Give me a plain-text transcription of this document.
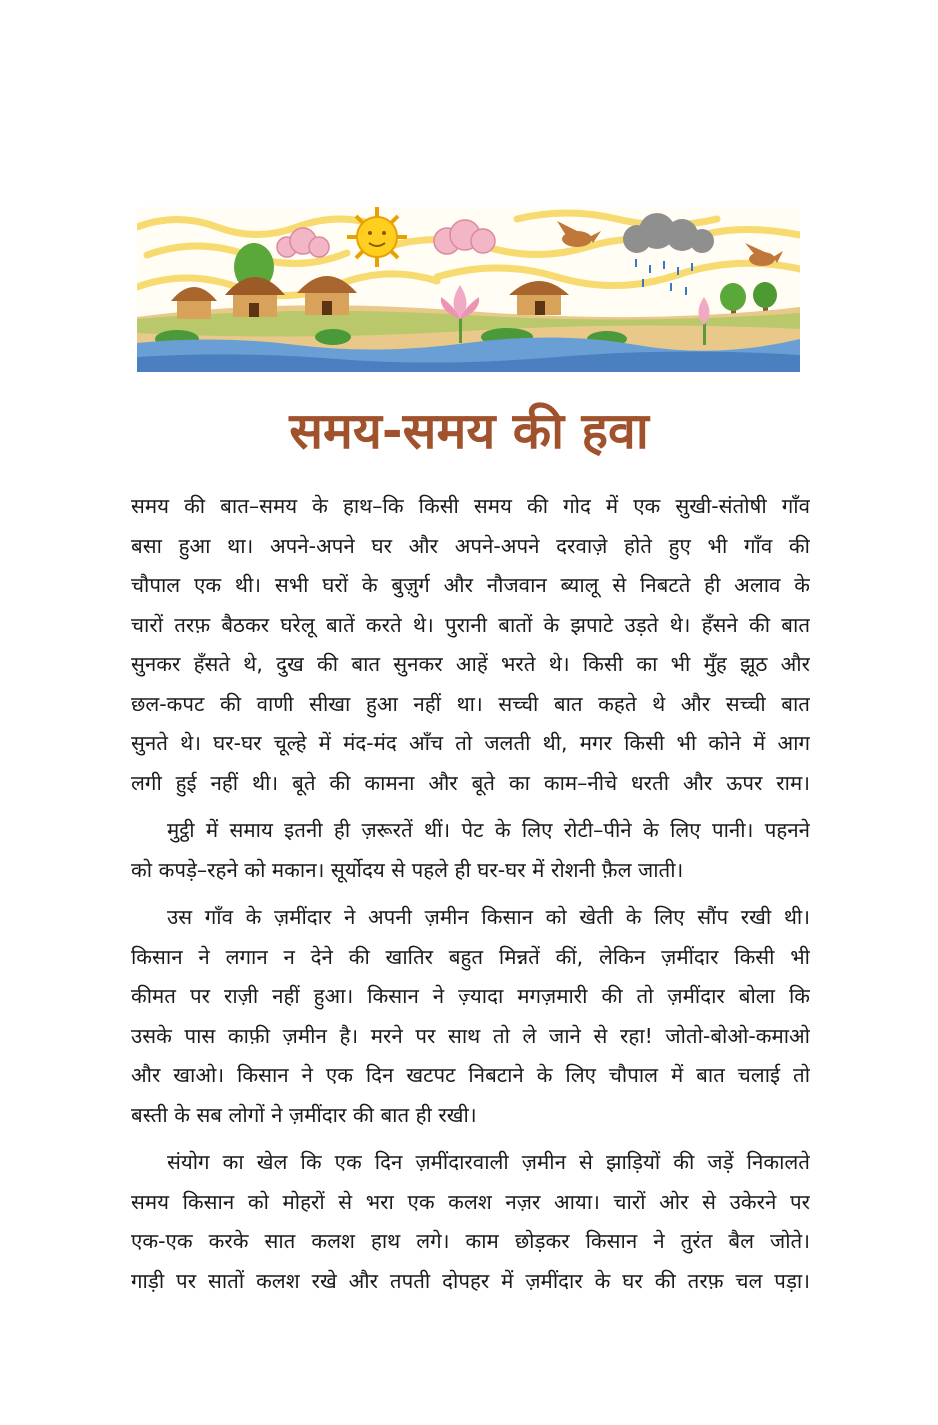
समय-समय की हवा
समय की बात–समय के हाथ–कि किसी समय की गोद में एक सुखी-संतोषी गाँव
बसा हुआ था। अपने-अपने घर और अपने-अपने दरवाज़े होते हुए भी गाँव की
चौपाल एक थी। सभी घरों के बुज़ुर्ग और नौजवान ब्यालू से निबटते ही अलाव के
चारों तरफ़ बैठकर घरेलू बातें करते थे। पुरानी बातों के झपाटे उड़ते थे। हँसने की बात
सुनकर हँसते थे, दुख की बात सुनकर आहें भरते थे। किसी का भी मुँह झूठ और
छल-कपट की वाणी सीखा हुआ नहीं था। सच्ची बात कहते थे और सच्ची बात
सुनते थे। घर-घर चूल्हे में मंद-मंद आँच तो जलती थी, मगर किसी भी कोने में आग
लगी हुई नहीं थी। बूते की कामना और बूते का काम–नीचे धरती और ऊपर राम।
मुट्ठी में समाय इतनी ही ज़रूरतें थीं। पेट के लिए रोटी–पीने के लिए पानी। पहनने
को कपड़े–रहने को मकान। सूर्योदय से पहले ही घर-घर में रोशनी फ़ैल जाती।
उस गाँव के ज़मींदार ने अपनी ज़मीन किसान को खेती के लिए सौंप रखी थी।
किसान ने लगान न देने की खातिर बहुत मिन्नतें कीं, लेकिन ज़मींदार किसी भी
कीमत पर राज़ी नहीं हुआ। किसान ने ज़्यादा मगज़मारी की तो ज़मींदार बोला कि
उसके पास काफ़ी ज़मीन है। मरने पर साथ तो ले जाने से रहा! जोतो-बोओ-कमाओ
और खाओ। किसान ने एक दिन खटपट निबटाने के लिए चौपाल में बात चलाई तो
बस्ती के सब लोगों ने ज़मींदार की बात ही रखी।
संयोग का खेल कि एक दिन ज़मींदारवाली ज़मीन से झाड़ियों की जड़ें निकालते
समय किसान को मोहरों से भरा एक कलश नज़र आया। चारों ओर से उकेरने पर
एक-एक करके सात कलश हाथ लगे। काम छोड़कर किसान ने तुरंत बैल जोते।
गाड़ी पर सातों कलश रखे और तपती दोपहर में ज़मींदार के घर की तरफ़ चल पड़ा।
